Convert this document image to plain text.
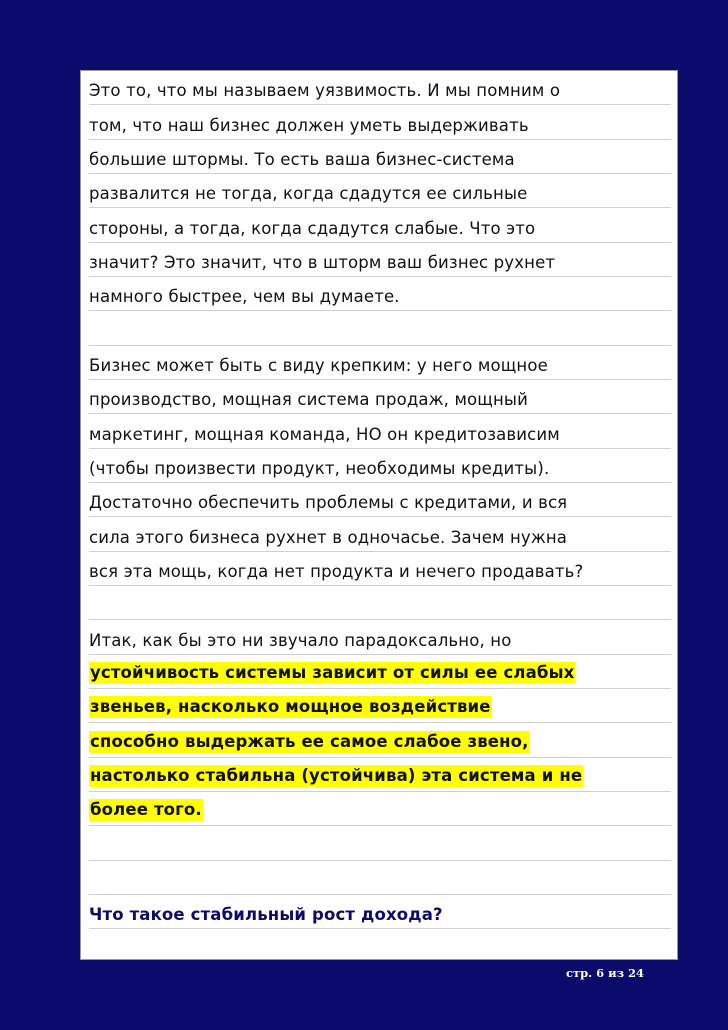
Это то, что мы называем уязвимость. И мы помним о
том, что наш бизнес должен уметь выдерживать
большие штормы. То есть ваша бизнес-система
развалится не тогда, когда сдадутся ее сильные
стороны, а тогда, когда сдадутся слабые. Что это
значит? Это значит, что в шторм ваш бизнес рухнет
намного быстрее, чем вы думаете.
Бизнес может быть с виду крепким: у него мощное
производство, мощная система продаж, мощный
маркетинг, мощная команда, НО он кредитозависим
(чтобы произвести продукт, необходимы кредиты).
Достаточно обеспечить проблемы с кредитами, и вся
сила этого бизнеса рухнет в одночасье. Зачем нужна
вся эта мощь, когда нет продукта и нечего продавать?
Итак, как бы это ни звучало парадоксально, но
устойчивость системы зависит от силы ее слабых
звеньев, насколько мощное воздействие
способно выдержать ее самое слабое звено,
настолько стабильна (устойчива) эта система и не
более того.
Что такое стабильный рост дохода?
стр. 6 из 24
